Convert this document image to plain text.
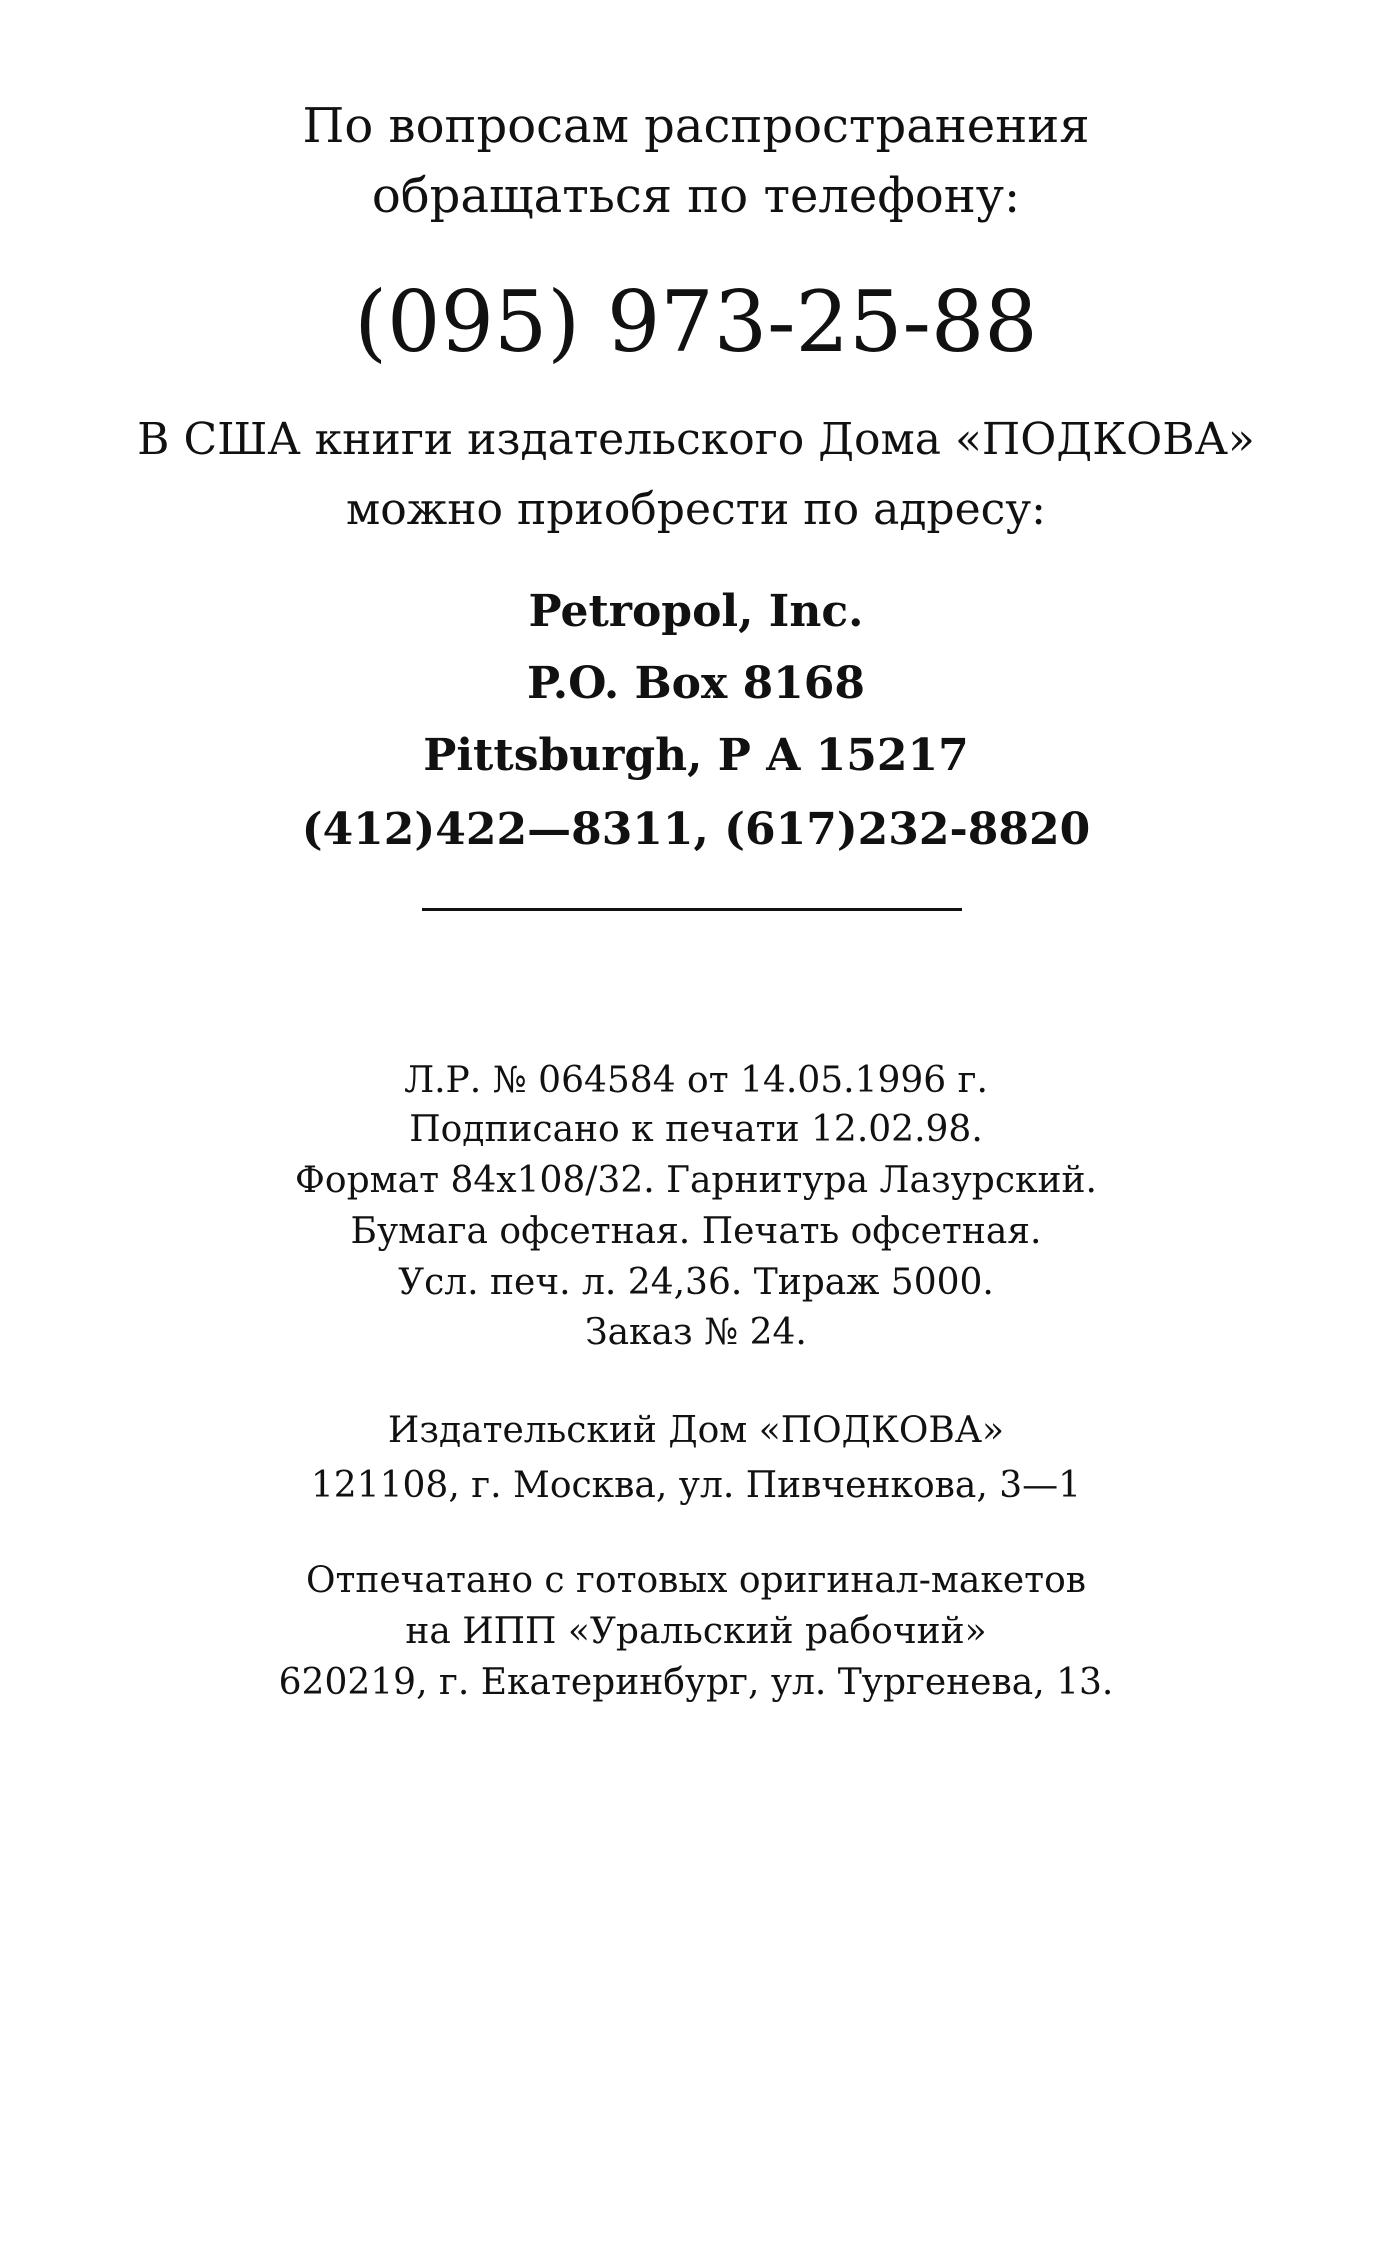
По вопросам распространения
обращаться по телефону:
(095) 973-25-88
В США книги издательского Дома «ПОДКОВА»
можно приобрести по адресу:
Petropol, Inc.
P.O. Box 8168
Pittsburgh, P A 15217
(412)422—8311, (617)232-8820
Л.Р. № 064584 от 14.05.1996 г.
Подписано к печати 12.02.98.
Формат 84x108/32. Гарнитура Лазурский.
Бумага офсетная. Печать офсетная.
Усл. печ. л. 24,36. Тираж 5000.
Заказ № 24.
Издательский Дом «ПОДКОВА»
121108, г. Москва, ул. Пивченкова, 3—1
Отпечатано с готовых оригинал-макетов
на ИПП «Уральский рабочий»
620219, г. Екатеринбург, ул. Тургенева, 13.
